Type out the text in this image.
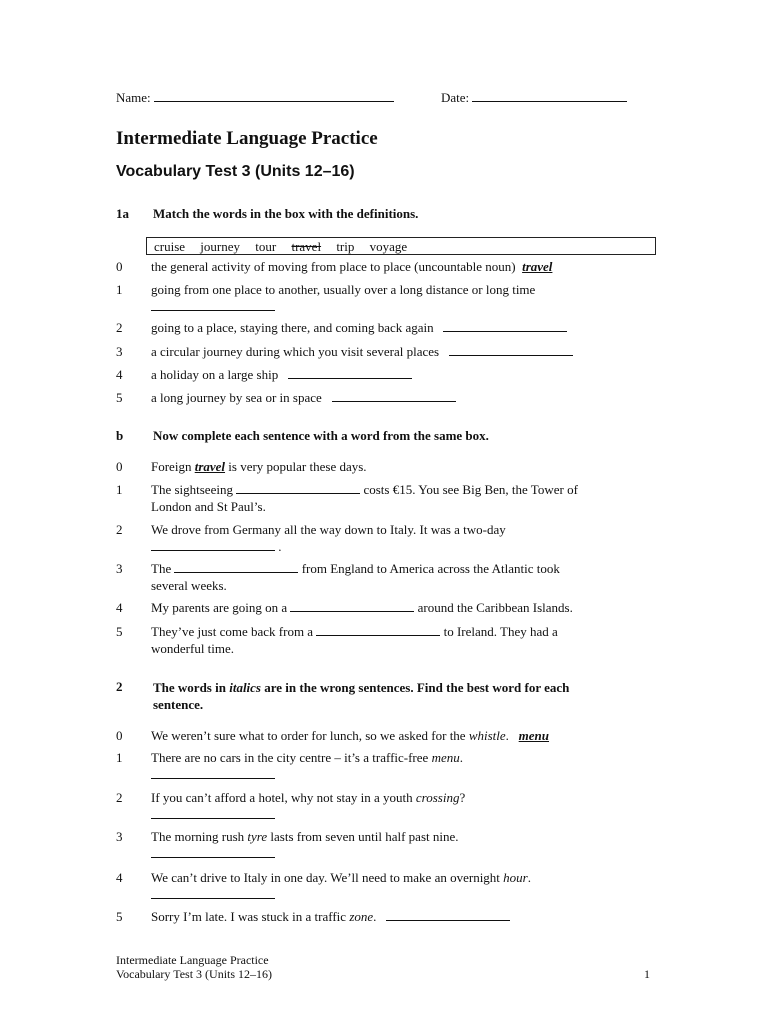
Name:	Date:
Intermediate Language Practice
Vocabulary Test 3 (Units 12–16)
1a Match the words in the box with the definitions.
cruise journey tour travel trip voyage
0 the general activity of moving from place to place (uncountable noun) travel
1 going from one place to another, usually over a long distance or long time

2 going to a place, staying there, and coming back again
3 a circular journey during which you visit several places
4 a holiday on a large ship
5 a long journey by sea or in space
b Now complete each sentence with a word from the same box.
0 Foreign travel is very popular these days.
1 The sightseeing	costs €15. You see Big Ben, the Tower of
London and St Paul’s.
2 We drove from Germany all the way down to Italy. It was a two-day
.
3 The	from England to America across the Atlantic took
several weeks.
4 My parents are going on a	around the Caribbean Islands.
5 They’ve just come back from a	to Ireland. They had a
wonderful time.
2 The words in italics are in the wrong sentences. Find the best word for each
sentence.
0 We weren’t sure what to order for lunch, so we asked for the whistle. menu
1 There are no cars in the city centre – it’s a traffic-free menu.

2 If you can’t afford a hotel, why not stay in a youth crossing?

3 The morning rush tyre lasts from seven until half past nine.

4 We can’t drive to Italy in one day. We’ll need to make an overnight hour.

5 Sorry I’m late. I was stuck in a traffic zone.
Intermediate Language Practice
Vocabulary Test 3 (Units 12–16)	1
